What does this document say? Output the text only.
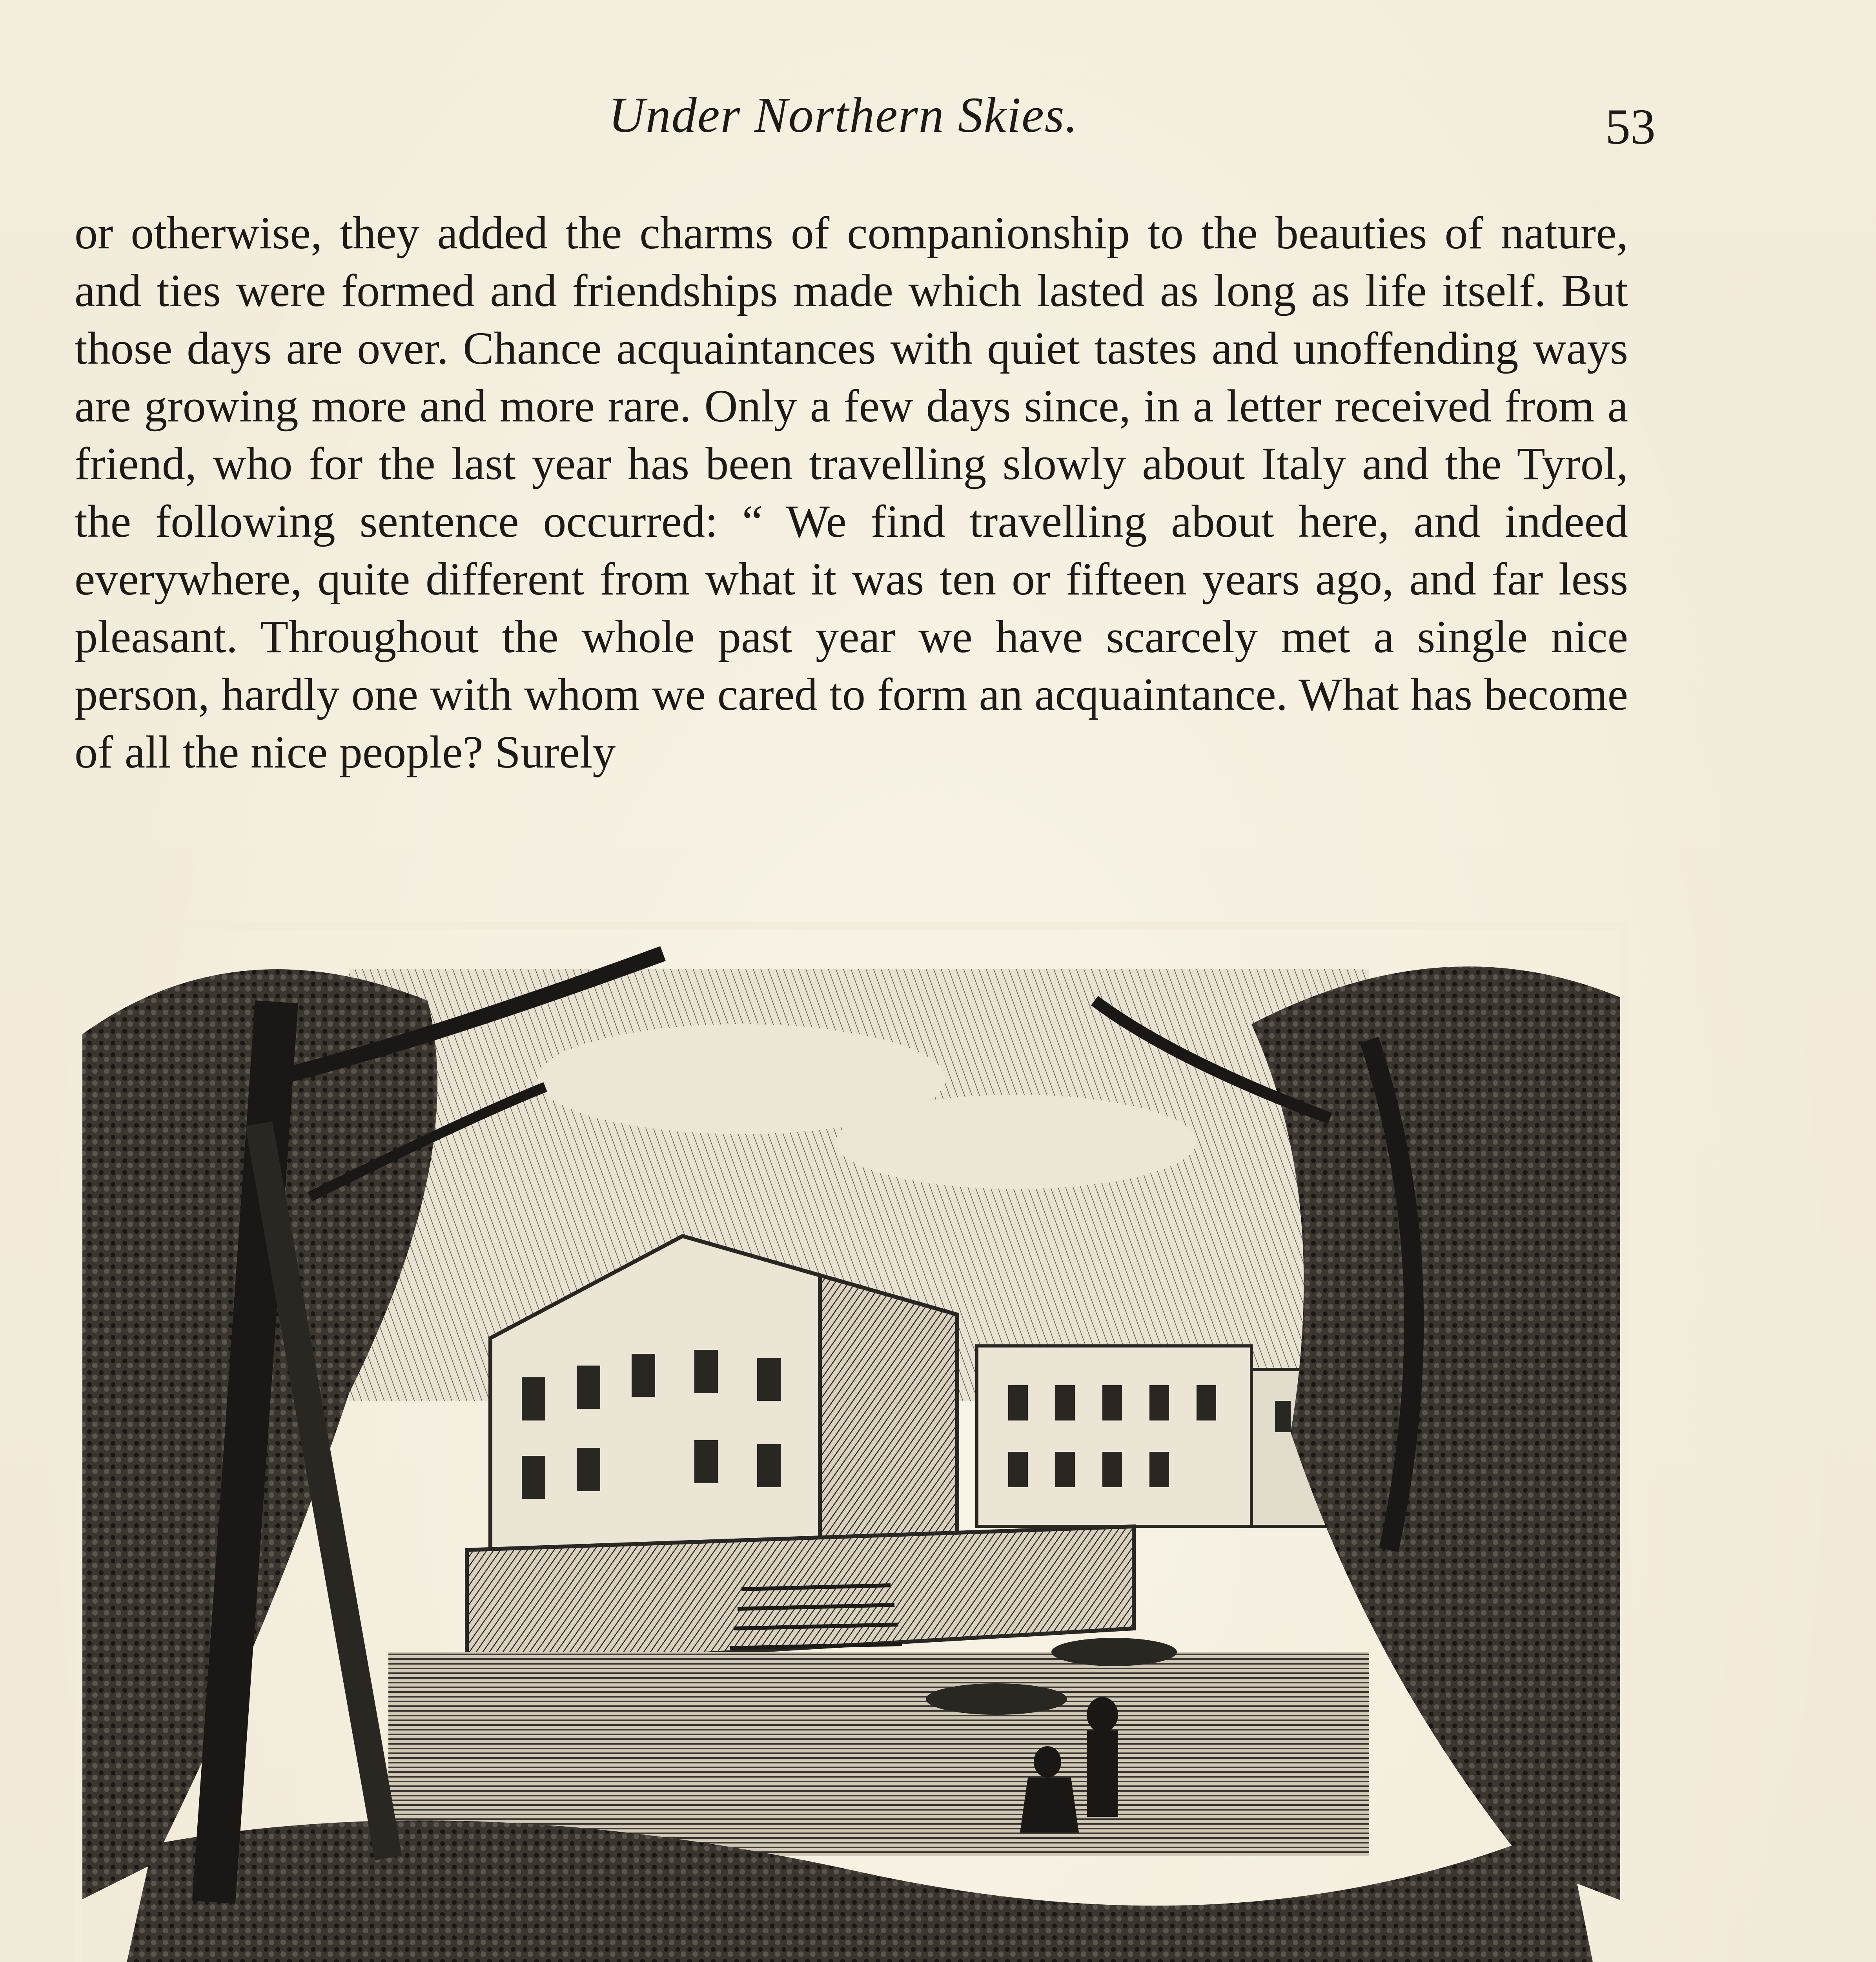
Under Northern Skies.	53

or otherwise, they added the charms of companionship to the beauties of nature, and ties were formed and friendships made which lasted as long as life itself. But those days are over. Chance acquaintances with quiet tastes and unoffending ways are growing more and more rare. Only a few days since, in a letter received from a friend, who for the last year has been travelling slowly about Italy and the Tyrol, the following sentence occurred: “ We find travelling about here, and indeed everywhere, quite different from what it was ten or fifteen years ago, and far less pleasant. Throughout the whole past year we have scarcely met a single nice person, hardly one with whom we cared to form an acquaintance. What has become of all the nice people? Surely
